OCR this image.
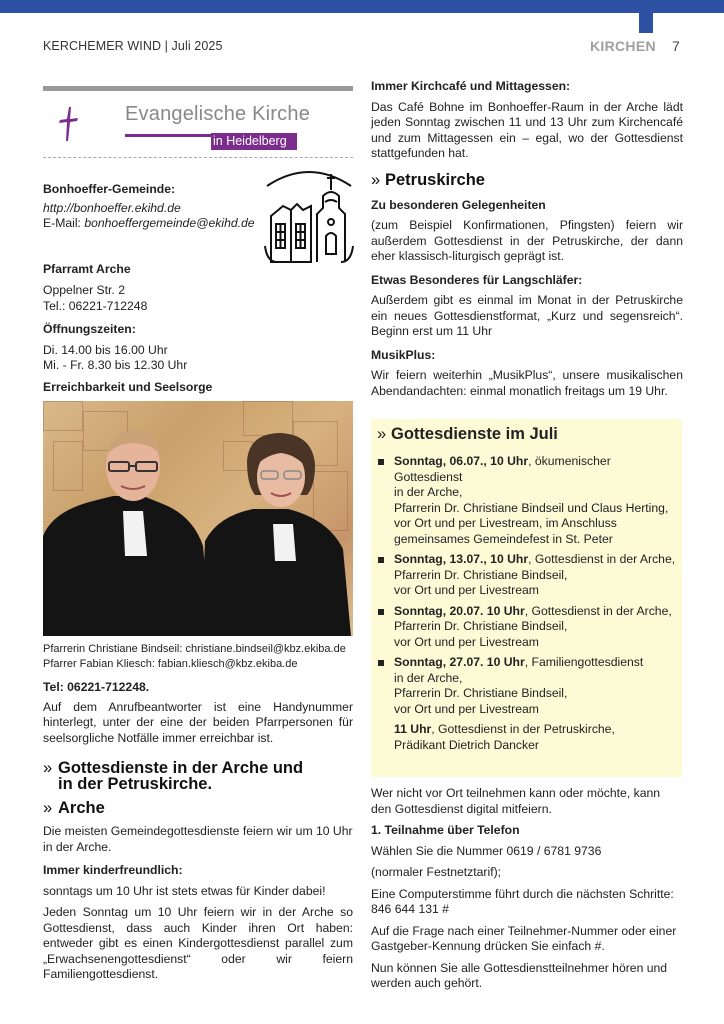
KERCHEMER WIND | Juli 2025	KIRCHEN 7
Evangelische Kirche
in Heidelberg
Bonhoeffer-Gemeinde:
http://bonhoeffer.ekihd.de
E-Mail: bonhoeffergemeinde@ekihd.de
Pfarramt Arche
Oppelner Str. 2
Tel.: 06221-712248
Öffnungszeiten:
Di. 14.00 bis 16.00 Uhr
Mi. - Fr. 8.30 bis 12.30 Uhr
Erreichbarkeit und Seelsorge
Pfarrerin Christiane Bindseil: christiane.bindseil@kbz.ekiba.de
Pfarrer Fabian Kliesch: fabian.kliesch@kbz.ekiba.de
Tel: 06221-712248.
Auf dem Anrufbeantworter ist eine Handynummer hinterlegt, unter der eine der beiden Pfarrpersonen für seelsorgliche Notfälle immer erreichbar ist.
» Gottesdienste in der Arche und
in der Petruskirche.
» Arche
Die meisten Gemeindegottesdienste feiern wir um 10 Uhr in der Arche.
Immer kinderfreundlich:
sonntags um 10 Uhr ist stets etwas für Kinder dabei!
Jeden Sonntag um 10 Uhr feiern wir in der Arche so Gottesdienst, dass auch Kinder ihren Ort haben: entweder gibt es einen Kindergottesdienst parallel zum „Erwachsenengottesdienst“ oder wir feiern Familiengottesdienst.
Immer Kirchcafé und Mittagessen:
Das Café Bohne im Bonhoeffer-Raum in der Arche lädt jeden Sonntag zwischen 11 und 13 Uhr zum Kirchencafé und zum Mittagessen ein – egal, wo der Gottesdienst stattgefunden hat.
» Petruskirche
Zu besonderen Gelegenheiten
(zum Beispiel Konfirmationen, Pfingsten) feiern wir außerdem Gottesdienst in der Petruskirche, der dann eher klassisch-liturgisch geprägt ist.
Etwas Besonderes für Langschläfer:
Außerdem gibt es einmal im Monat in der Petruskirche ein neues Gottesdienstformat, „Kurz und segensreich“. Beginn erst um 11 Uhr
MusikPlus:
Wir feiern weiterhin „MusikPlus“, unsere musikalischen Abendandachten: einmal monatlich freitags um 19 Uhr.
» Gottesdienste im Juli
Sonntag, 06.07., 10 Uhr, ökumenischer Gottesdienst
in der Arche,
Pfarrerin Dr. Christiane Bindseil und Claus Herting,
vor Ort und per Livestream, im Anschluss
gemeinsames Gemeindefest in St. Peter
Sonntag, 13.07., 10 Uhr, Gottesdienst in der Arche,
Pfarrerin Dr. Christiane Bindseil,
vor Ort und per Livestream
Sonntag, 20.07. 10 Uhr, Gottesdienst in der Arche,
Pfarrerin Dr. Christiane Bindseil,
vor Ort und per Livestream
Sonntag, 27.07. 10 Uhr, Familiengottesdienst
in der Arche,
Pfarrerin Dr. Christiane Bindseil,
vor Ort und per Livestream
11 Uhr, Gottesdienst in der Petruskirche,
Prädikant Dietrich Dancker
Wer nicht vor Ort teilnehmen kann oder möchte, kann den Gottesdienst digital mitfeiern.
1. Teilnahme über Telefon
Wählen Sie die Nummer 0619 / 6781 9736
(normaler Festnetztarif);
Eine Computerstimme führt durch die nächsten Schritte:
846 644 131 #
Auf die Frage nach einer Teilnehmer-Nummer oder einer Gastgeber-Kennung drücken Sie einfach #.
Nun können Sie alle Gottesdienstteilnehmer hören und werden auch gehört.
